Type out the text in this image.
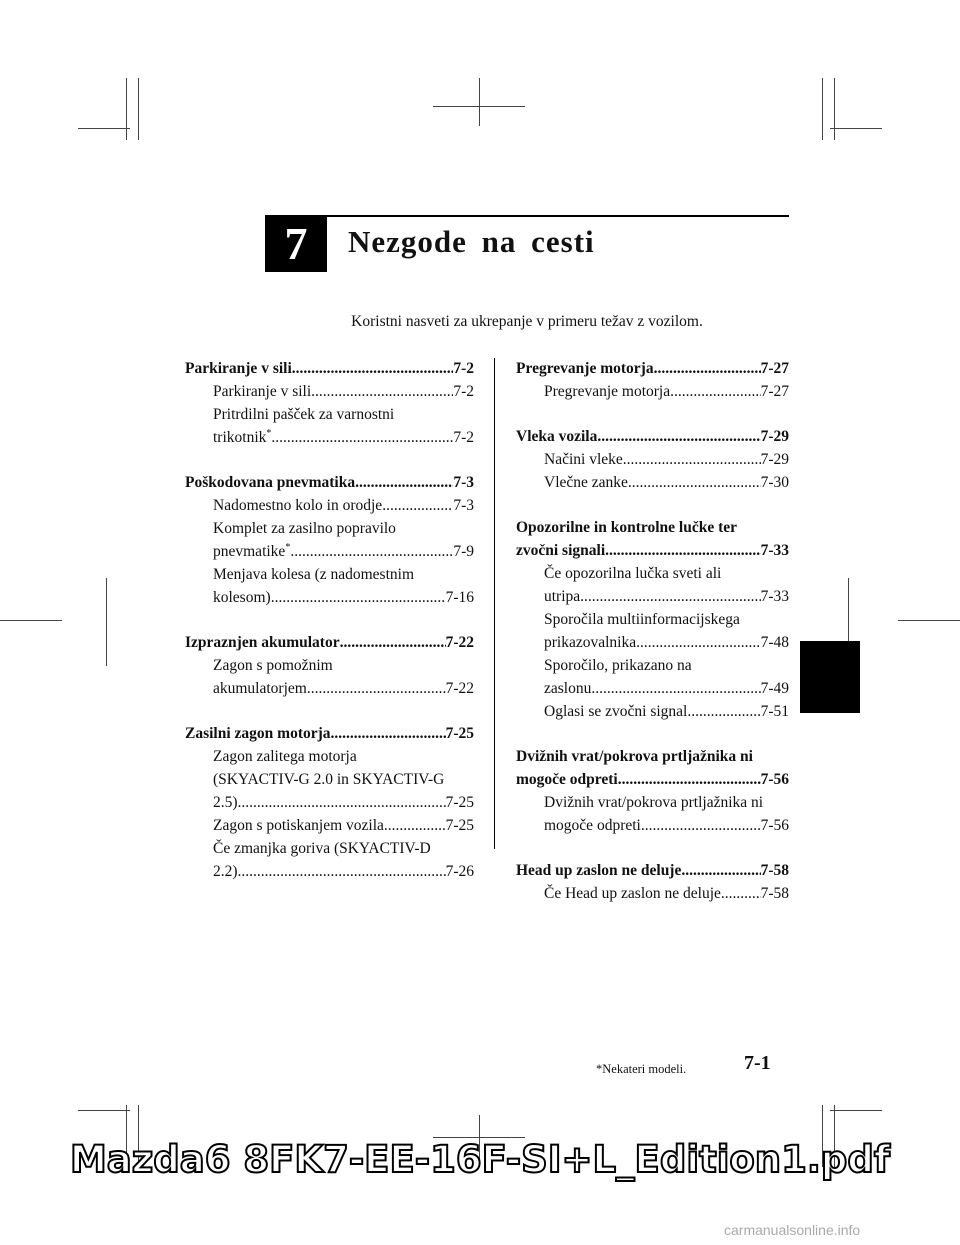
7	Nezgode na cesti
Koristni nasveti za ukrepanje v primeru težav z vozilom.
Parkiranje v sili .....	7-2
Parkiranje v sili .....	7-2
Pritrdilni pašček za varnostni
trikotnik* .....	7-2
Poškodovana pnevmatika .....	7-3
Nadomestno kolo in orodje .....	7-3
Komplet za zasilno popravilo
pnevmatike* .....	7-9
Menjava kolesa (z nadomestnim
kolesom) .....	7-16
Izpraznjen akumulator .....	7-22
Zagon s pomožnim
akumulatorjem .....	7-22
Zasilni zagon motorja .....	7-25
Zagon zalitega motorja
(SKYACTIV-G 2.0 in SKYACTIV-G
2.5) .....	7-25
Zagon s potiskanjem vozila .....	7-25
Če zmanjka goriva (SKYACTIV-D
2.2) .....	7-26
Pregrevanje motorja .....	7-27
Pregrevanje motorja .....	7-27
Vleka vozila .....	7-29
Načini vleke .....	7-29
Vlečne zanke .....	7-30
Opozorilne in kontrolne lučke ter
zvočni signali .....	7-33
Če opozorilna lučka sveti ali
utripa .....	7-33
Sporočila multiinformacijskega
prikazovalnika .....	7-48
Sporočilo, prikazano na
zaslonu .....	7-49
Oglasi se zvočni signal .....	7-51
Dvižnih vrat/pokrova prtljažnika ni
mogoče odpreti .....	7-56
Dvižnih vrat/pokrova prtljažnika ni
mogoče odpreti .....	7-56
Head up zaslon ne deluje .....	7-58
Če Head up zaslon ne deluje .....	7-58
*Nekateri modeli.	7-1
Mazda6 8FK7-EE-16F-SI+L_Edition1.pdf
carmanualsonline.info
